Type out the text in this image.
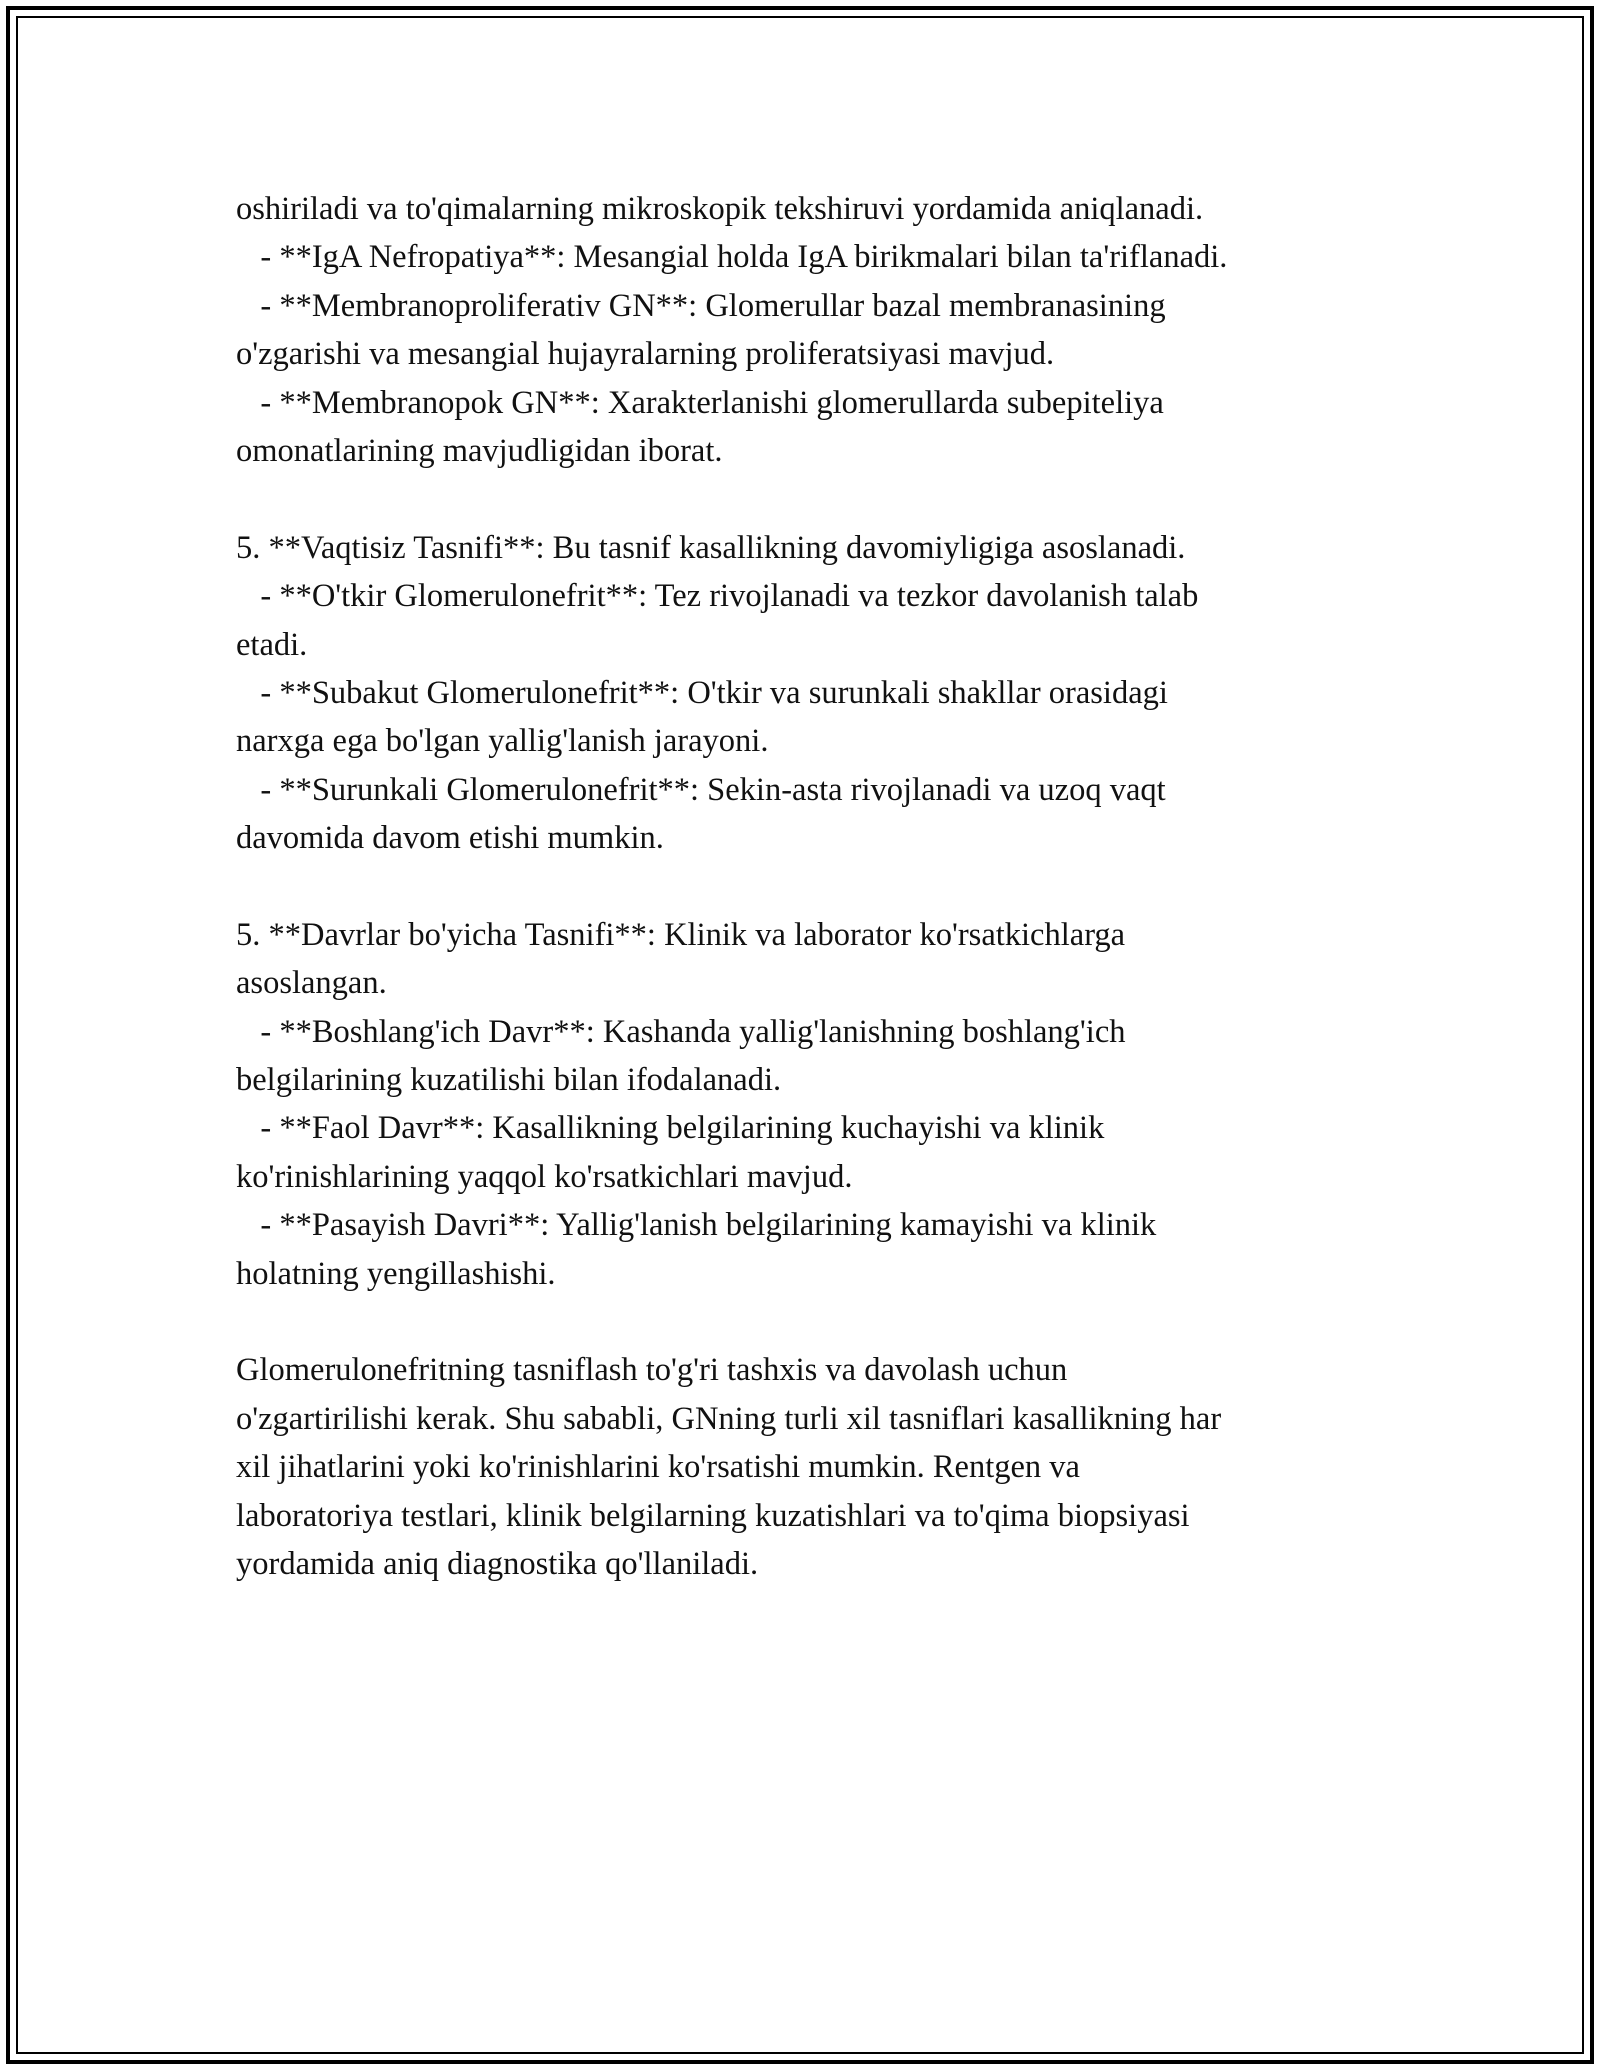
oshiriladi va to'qimalarning mikroskopik tekshiruvi yordamida aniqlanadi.
- **IgA Nefropatiya**: Mesangial holda IgA birikmalari bilan ta'riflanadi.
- **Membranoproliferativ GN**: Glomerullar bazal membranasining
o'zgarishi va mesangial hujayralarning proliferatsiyasi mavjud.
- **Membranopok GN**: Xarakterlanishi glomerullarda subepiteliya
omonatlarining mavjudligidan iborat.
5. **Vaqtisiz Tasnifi**: Bu tasnif kasallikning davomiyligiga asoslanadi.
- **O'tkir Glomerulonefrit**: Tez rivojlanadi va tezkor davolanish talab
etadi.
- **Subakut Glomerulonefrit**: O'tkir va surunkali shakllar orasidagi
narxga ega bo'lgan yallig'lanish jarayoni.
- **Surunkali Glomerulonefrit**: Sekin-asta rivojlanadi va uzoq vaqt
davomida davom etishi mumkin.
5. **Davrlar bo'yicha Tasnifi**: Klinik va laborator ko'rsatkichlarga
asoslangan.
- **Boshlang'ich Davr**: Kashanda yallig'lanishning boshlang'ich
belgilarining kuzatilishi bilan ifodalanadi.
- **Faol Davr**: Kasallikning belgilarining kuchayishi va klinik
ko'rinishlarining yaqqol ko'rsatkichlari mavjud.
- **Pasayish Davri**: Yallig'lanish belgilarining kamayishi va klinik
holatning yengillashishi.
Glomerulonefritning tasniflash to'g'ri tashxis va davolash uchun
o'zgartirilishi kerak. Shu sababli, GNning turli xil tasniflari kasallikning har
xil jihatlarini yoki ko'rinishlarini ko'rsatishi mumkin. Rentgen va
laboratoriya testlari, klinik belgilarning kuzatishlari va to'qima biopsiyasi
yordamida aniq diagnostika qo'llaniladi.
